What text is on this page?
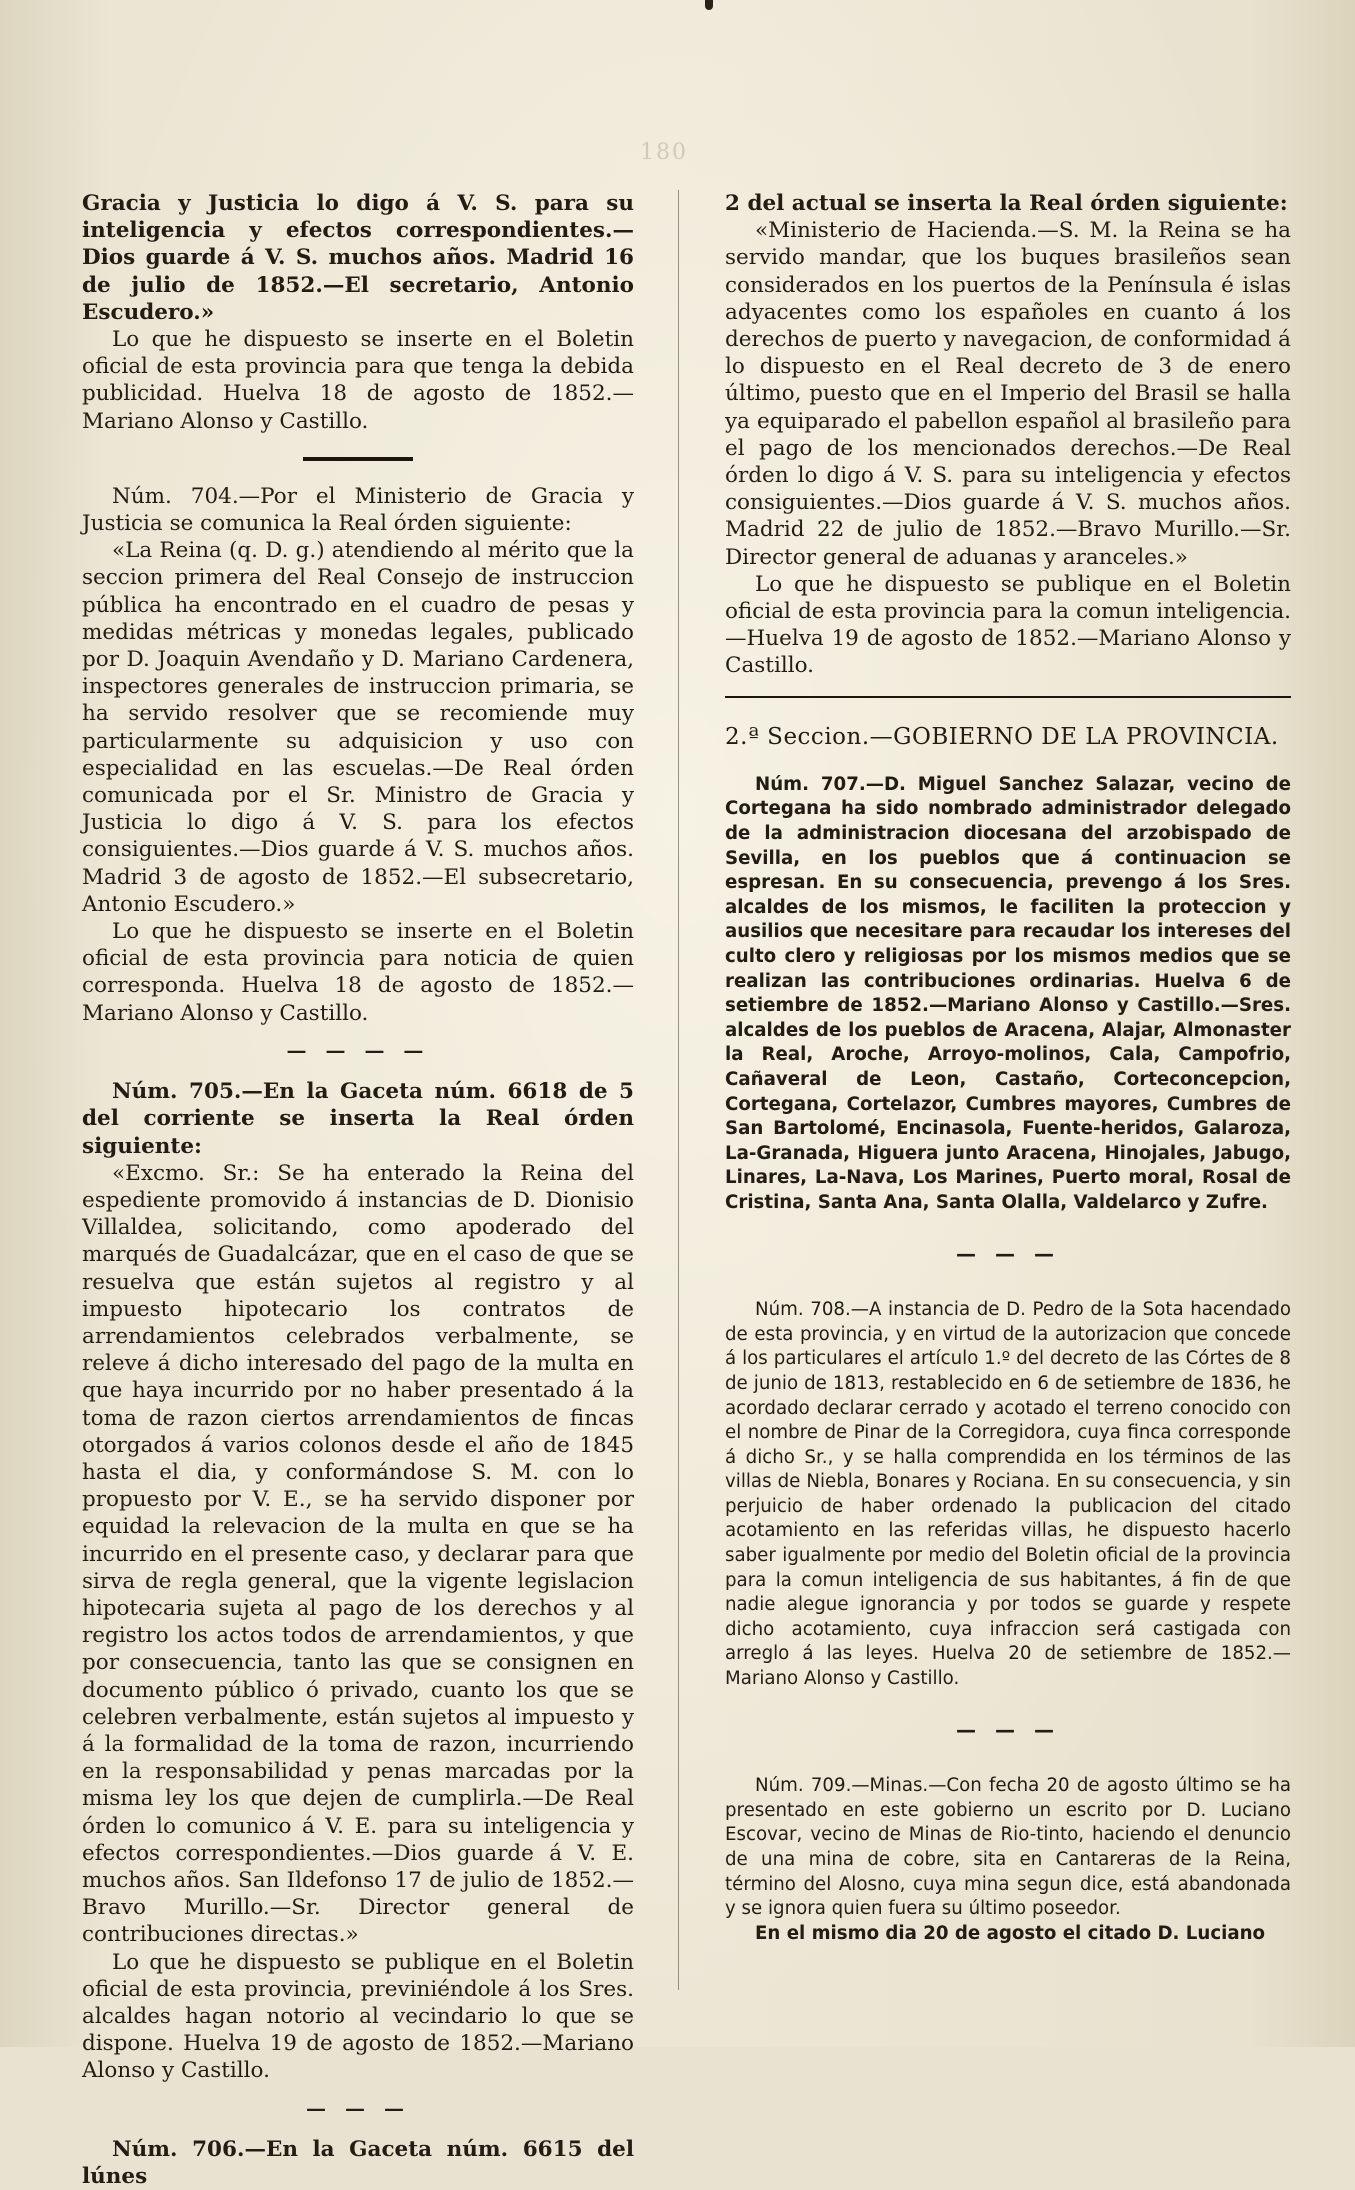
180

Gracia y Justicia lo digo á V. S. para su inteligencia y efectos correspondientes.—Dios guarde á V. S. muchos años. Madrid 16 de julio de 1852.—El secretario, Antonio Escudero.»

Lo que he dispuesto se inserte en el Boletin oficial de esta provincia para que tenga la debida publicidad. Huelva 18 de agosto de 1852.—Mariano Alonso y Castillo.

Núm. 704.—Por el Ministerio de Gracia y Justicia se comunica la Real órden siguiente:

«La Reina (q. D. g.) atendiendo al mérito que la seccion primera del Real Consejo de instruccion pública ha encontrado en el cuadro de pesas y medidas métricas y monedas legales, publicado por D. Joaquin Avendaño y D. Mariano Cardenera, inspectores generales de instruccion primaria, se ha servido resolver que se recomiende muy particularmente su adquisicion y uso con especialidad en las escuelas.—De Real órden comunicada por el Sr. Ministro de Gracia y Justicia lo digo á V. S. para los efectos consiguientes.—Dios guarde á V. S. muchos años. Madrid 3 de agosto de 1852.—El subsecretario, Antonio Escudero.»

Lo que he dispuesto se inserte en el Boletin oficial de esta provincia para noticia de quien corresponda. Huelva 18 de agosto de 1852.—Mariano Alonso y Castillo.

— — — —

Núm. 705.—En la Gaceta núm. 6618 de 5 del corriente se inserta la Real órden siguiente:

«Excmo. Sr.: Se ha enterado la Reina del espediente promovido á instancias de D. Dionisio Villaldea, solicitando, como apoderado del marqués de Guadalcázar, que en el caso de que se resuelva que están sujetos al registro y al impuesto hipotecario los contratos de arrendamientos celebrados verbalmente, se releve á dicho interesado del pago de la multa en que haya incurrido por no haber presentado á la toma de razon ciertos arrendamientos de fincas otorgados á varios colonos desde el año de 1845 hasta el dia, y conformándose S. M. con lo propuesto por V. E., se ha servido disponer por equidad la relevacion de la multa en que se ha incurrido en el presente caso, y declarar para que sirva de regla general, que la vigente legislacion hipotecaria sujeta al pago de los derechos y al registro los actos todos de arrendamientos, y que por consecuencia, tanto las que se consignen en documento público ó privado, cuanto los que se celebren verbalmente, están sujetos al impuesto y á la formalidad de la toma de razon, incurriendo en la responsabilidad y penas marcadas por la misma ley los que dejen de cumplirla.—De Real órden lo comunico á V. E. para su inteligencia y efectos correspondientes.—Dios guarde á V. E. muchos años. San Ildefonso 17 de julio de 1852.—Bravo Murillo.—Sr. Director general de contribuciones directas.»

Lo que he dispuesto se publique en el Boletin oficial de esta provincia, previniéndole á los Sres. alcaldes hagan notorio al vecindario lo que se dispone. Huelva 19 de agosto de 1852.—Mariano Alonso y Castillo.

— — —

Núm. 706.—En la Gaceta núm. 6615 del lúnes

2 del actual se inserta la Real órden siguiente:

«Ministerio de Hacienda.—S. M. la Reina se ha servido mandar, que los buques brasileños sean considerados en los puertos de la Península é islas adyacentes como los españoles en cuanto á los derechos de puerto y navegacion, de conformidad á lo dispuesto en el Real decreto de 3 de enero último, puesto que en el Imperio del Brasil se halla ya equiparado el pabellon español al brasileño para el pago de los mencionados derechos.—De Real órden lo digo á V. S. para su inteligencia y efectos consiguientes.—Dios guarde á V. S. muchos años. Madrid 22 de julio de 1852.—Bravo Murillo.—Sr. Director general de aduanas y aranceles.»

Lo que he dispuesto se publique en el Boletin oficial de esta provincia para la comun inteligencia.—Huelva 19 de agosto de 1852.—Mariano Alonso y Castillo.

2.ª Seccion.—GOBIERNO DE LA PROVINCIA.

Núm. 707.—D. Miguel Sanchez Salazar, vecino de Cortegana ha sido nombrado administrador delegado de la administracion diocesana del arzobispado de Sevilla, en los pueblos que á continuacion se espresan. En su consecuencia, prevengo á los Sres. alcaldes de los mismos, le faciliten la proteccion y ausilios que necesitare para recaudar los intereses del culto clero y religiosas por los mismos medios que se realizan las contribuciones ordinarias. Huelva 6 de setiembre de 1852.—Mariano Alonso y Castillo.—Sres. alcaldes de los pueblos de Aracena, Alajar, Almonaster la Real, Aroche, Arroyo-molinos, Cala, Campofrio, Cañaveral de Leon, Castaño, Corteconcepcion, Cortegana, Cortelazor, Cumbres mayores, Cumbres de San Bartolomé, Encinasola, Fuente-heridos, Galaroza, La-Granada, Higuera junto Aracena, Hinojales, Jabugo, Linares, La-Nava, Los Marines, Puerto moral, Rosal de Cristina, Santa Ana, Santa Olalla, Valdelarco y Zufre.

— — —

Núm. 708.—A instancia de D. Pedro de la Sota hacendado de esta provincia, y en virtud de la autorizacion que concede á los particulares el artículo 1.º del decreto de las Córtes de 8 de junio de 1813, restablecido en 6 de setiembre de 1836, he acordado declarar cerrado y acotado el terreno conocido con el nombre de Pinar de la Corregidora, cuya finca corresponde á dicho Sr., y se halla comprendida en los términos de las villas de Niebla, Bonares y Rociana. En su consecuencia, y sin perjuicio de haber ordenado la publicacion del citado acotamiento en las referidas villas, he dispuesto hacerlo saber igualmente por medio del Boletin oficial de la provincia para la comun inteligencia de sus habitantes, á fin de que nadie alegue ignorancia y por todos se guarde y respete dicho acotamiento, cuya infraccion será castigada con arreglo á las leyes. Huelva 20 de setiembre de 1852.—Mariano Alonso y Castillo.

— — —

Núm. 709.—Minas.—Con fecha 20 de agosto último se ha presentado en este gobierno un escrito por D. Luciano Escovar, vecino de Minas de Rio-tinto, haciendo el denuncio de una mina de cobre, sita en Cantareras de la Reina, término del Alosno, cuya mina segun dice, está abandonada y se ignora quien fuera su último poseedor.

En el mismo dia 20 de agosto el citado D. Luciano
